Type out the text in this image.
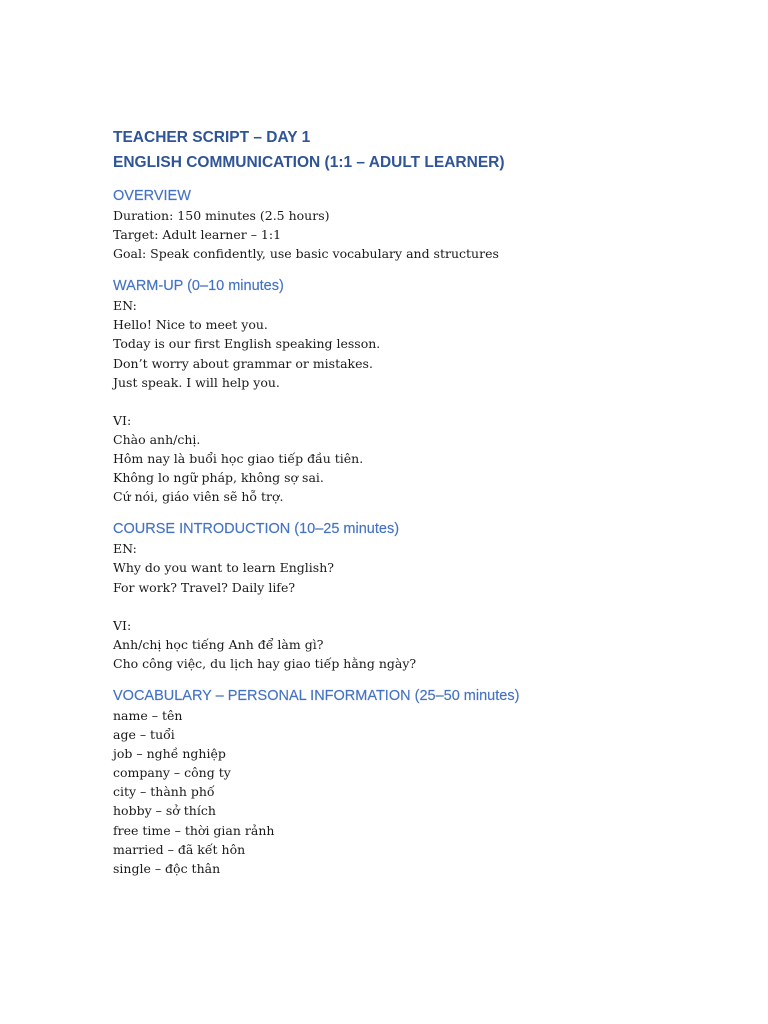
TEACHER SCRIPT – DAY 1

ENGLISH COMMUNICATION (1:1 – ADULT LEARNER)

OVERVIEW

Duration: 150 minutes (2.5 hours)

Target: Adult learner – 1:1

Goal: Speak confidently, use basic vocabulary and structures

WARM-UP (0–10 minutes)

EN:

Hello! Nice to meet you.

Today is our first English speaking lesson.

Don’t worry about grammar or mistakes.

Just speak. I will help you.

VI:

Chào anh/chị.

Hôm nay là buổi học giao tiếp đầu tiên.

Không lo ngữ pháp, không sợ sai.

Cứ nói, giáo viên sẽ hỗ trợ.

COURSE INTRODUCTION (10–25 minutes)

EN:

Why do you want to learn English?

For work? Travel? Daily life?

VI:

Anh/chị học tiếng Anh để làm gì?

Cho công việc, du lịch hay giao tiếp hằng ngày?

VOCABULARY – PERSONAL INFORMATION (25–50 minutes)

name – tên

age – tuổi

job – nghề nghiệp

company – công ty

city – thành phố

hobby – sở thích

free time – thời gian rảnh

married – đã kết hôn

single – độc thân
